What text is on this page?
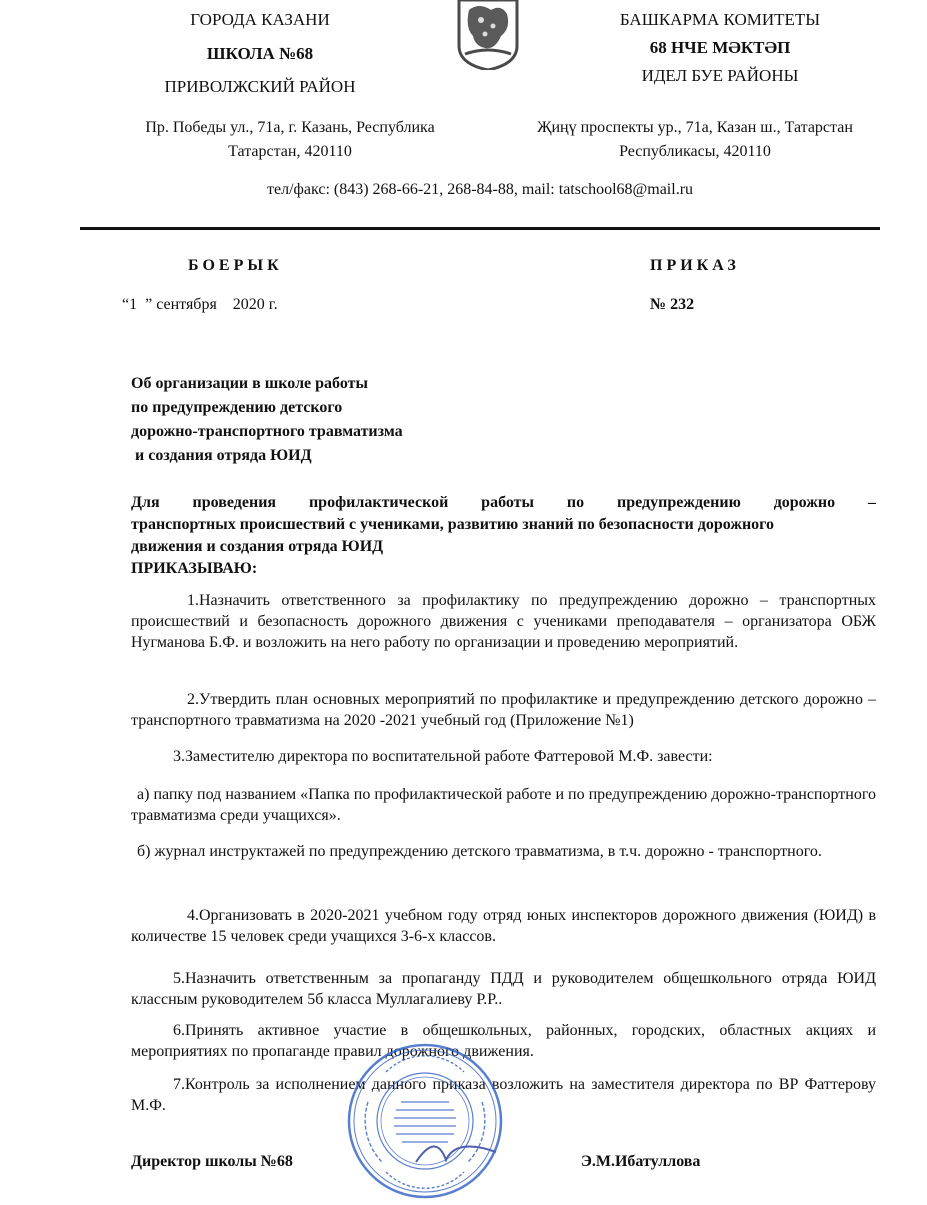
ГОРОДА КАЗАНИ
ШКОЛА №68
ПРИВОЛЖСКИЙ РАЙОН
Пр. Победы ул., 71а, г. Казань, Республика
Татарстан, 420110
БАШКАРМА КОМИТЕТЫ
68 НЧЕ МӘКТӘП
ИДЕЛ БУЕ РАЙОНЫ
Җиңү проспекты ур., 71а, Казан ш., Татарстан
Республикасы, 420110
тел/факс: (843) 268-66-21, 268-84-88, mail: tatschool68@mail.ru
БОЕРЫК	ПРИКАЗ
“1  ” сентября    2020 г.	№ 232
Об организации в школе работы
по предупреждению детского
дорожно-транспортного травматизма
и создания отряда ЮИД
Для проведения профилактической работы по предупреждению дорожно –
транспортных происшествий с учениками, развитию знаний по безопасности дорожного
движения и создания отряда ЮИД
ПРИКАЗЫВАЮ:
1.Назначить ответственного за профилактику по предупреждению дорожно – транспортных происшествий и безопасность дорожного движения с учениками преподавателя – организатора ОБЖ Нугманова Б.Ф. и возложить на него работу по организации и проведению мероприятий.
2.Утвердить план основных мероприятий по профилактике и предупреждению детского дорожно – транспортного травматизма на 2020 -2021 учебный год (Приложение №1)
3.Заместителю директора по воспитательной работе Фаттеровой М.Ф. завести:
а) папку под названием «Папка по профилактической работе и по предупреждению дорожно-транспортного травматизма среди учащихся».
б) журнал инструктажей по предупреждению детского травматизма, в т.ч. дорожно - транспортного.
4.Организовать в 2020-2021 учебном году отряд юных инспекторов дорожного движения (ЮИД) в количестве 15 человек среди учащихся 3-6-х классов.
5.Назначить ответственным за пропаганду ПДД и руководителем общешкольного отряда ЮИД классным руководителем 5б класса Муллагалиеву Р.Р..
6.Принять активное участие в общешкольных, районных, городских, областных акциях и мероприятиях по пропаганде правил дорожного движения.
7.Контроль за исполнением данного приказа возложить на заместителя директора по ВР Фаттерову М.Ф.
Директор школы №68	Э.М.Ибатуллова
